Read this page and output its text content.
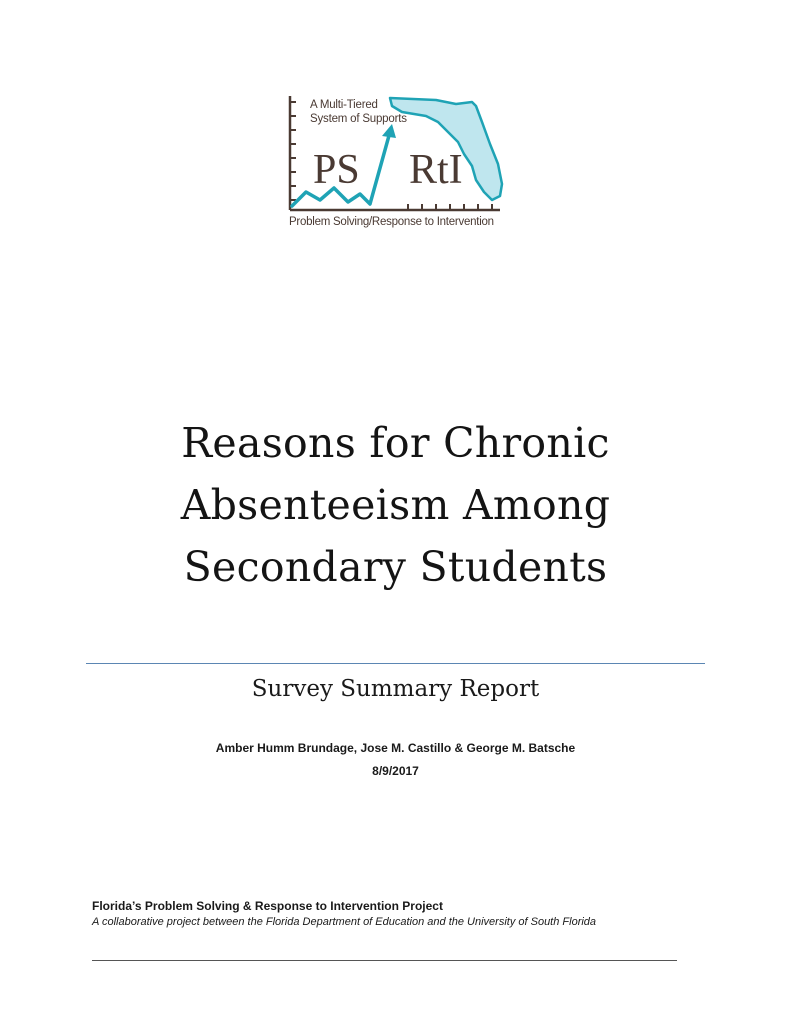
A Multi-Tiered
System of Supports
PS RtI
Problem Solving/Response to Intervention
Reasons for Chronic
Absenteeism Among
Secondary Students
Survey Summary Report
Amber Humm Brundage, Jose M. Castillo & George M. Batsche
8/9/2017
Florida’s Problem Solving & Response to Intervention Project
A collaborative project between the Florida Department of Education and the University of South Florida
